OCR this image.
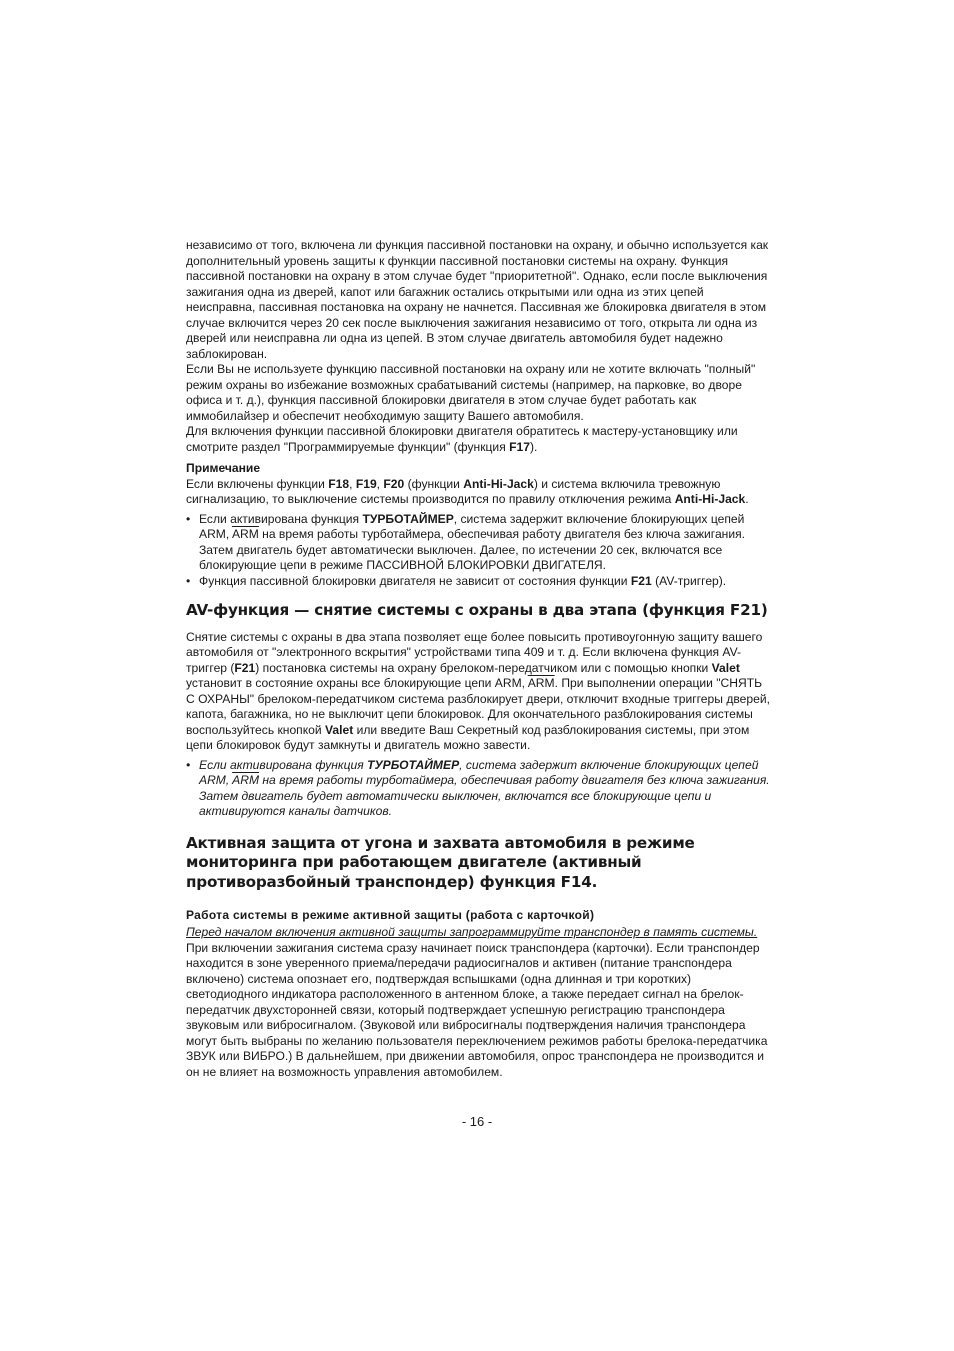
независимо от того, включена ли функция пассивной постановки на охрану, и обычно используется как дополнительный уровень защиты к функции пассивной постановки системы на охрану. Функция пассивной постановки на охрану в этом случае будет "приоритетной". Однако, если после выключения зажигания одна из дверей, капот или багажник остались открытыми или одна из этих цепей неисправна, пассивная постановка на охрану не начнется. Пассивная же блокировка двигателя в этом случае включится через 20 сек после выключения зажигания независимо от того, открыта ли одна из дверей или неисправна ли одна из цепей. В этом случае двигатель автомобиля будет надежно заблокирован.

Если Вы не используете функцию пассивной постановки на охрану или не хотите включать "полный" режим охраны во избежание возможных срабатываний системы (например, на парковке, во дворе офиса и т. д.), функция пассивной блокировки двигателя в этом случае будет работать как иммобилайзер и обеспечит необходимую защиту Вашего автомобиля.

Для включения функции пассивной блокировки двигателя обратитесь к мастеру-установщику или смотрите раздел "Программируемые функции" (функция F17).

Примечание

Если включены функции F18, F19, F20 (функции Anti-Hi-Jack) и система включила тревожную сигнализацию, то выключение системы производится по правилу отключения режима Anti-Hi-Jack.

• Если активирована функция ТУРБОТАЙМЕР, система задержит включение блокирующих цепей ARM, $\overline{ARM}$ на время работы турботаймера, обеспечивая работу двигателя без ключа зажигания. Затем двигатель будет автоматически выключен. Далее, по истечении 20 сек, включатся все блокирующие цепи в режиме ПАССИВНОЙ БЛОКИРОВКИ ДВИГАТЕЛЯ.
• Функция пассивной блокировки двигателя не зависит от состояния функции F21 (AV-триггер).
AV-функция — снятие системы с охраны в два этапа (функция F21)

Снятие системы с охраны в два этапа позволяет еще более повысить противоугонную защиту вашего автомобиля от "электронного вскрытия" устройствами типа 409 и т. д. Если включена функция AV-триггер (F21) постановка системы на охрану брелоком-передатчиком или с помощью кнопки Valet установит в состояние охраны все блокирующие цепи ARM, $\overline{ARM}$. При выполнении операции "СНЯТЬ С ОХРАНЫ" брелоком-передатчиком система разблокирует двери, отключит входные триггеры дверей, капота, багажника, но не выключит цепи блокировок. Для окончательного разблокирования системы воспользуйтесь кнопкой Valet или введите Ваш Секретный код разблокирования системы, при этом цепи блокировок будут замкнуты и двигатель можно завести.

• Если активирована функция ТУРБОТАЙМЕР, система задержит включение блокирующих цепей ARM, $\overline{ARM}$ на время работы турботаймера, обеспечивая работу двигателя без ключа зажигания. Затем двигатель будет автоматически выключен, включатся все блокирующие цепи и активируются каналы датчиков.
Активная защита от угона и захвата автомобиля в режиме мониторинга при работающем двигателе (активный противоразбойный транспондер) функция F14.
Работа системы в режиме активной защиты (работа с карточкой)

Перед началом включения активной защиты запрограммируйте транспондер в память системы.

При включении зажигания система сразу начинает поиск транспондера (карточки). Если транспондер находится в зоне уверенного приема/передачи радиосигналов и активен (питание транспондера включено) система опознает его, подтверждая вспышками (одна длинная и три коротких) светодиодного индикатора расположенного в антенном блоке, а также передает сигнал на брелок-передатчик двухсторонней связи, который подтверждает успешную регистрацию транспондера звуковым или вибросигналом. (Звуковой или вибросигналы подтверждения наличия транспондера могут быть выбраны по желанию пользователя переключением режимов работы брелока-передатчика ЗВУК или ВИБРО.) В дальнейшем, при движении автомобиля, опрос транспондера не производится и он не влияет на возможность управления автомобилем.

- 16 -
